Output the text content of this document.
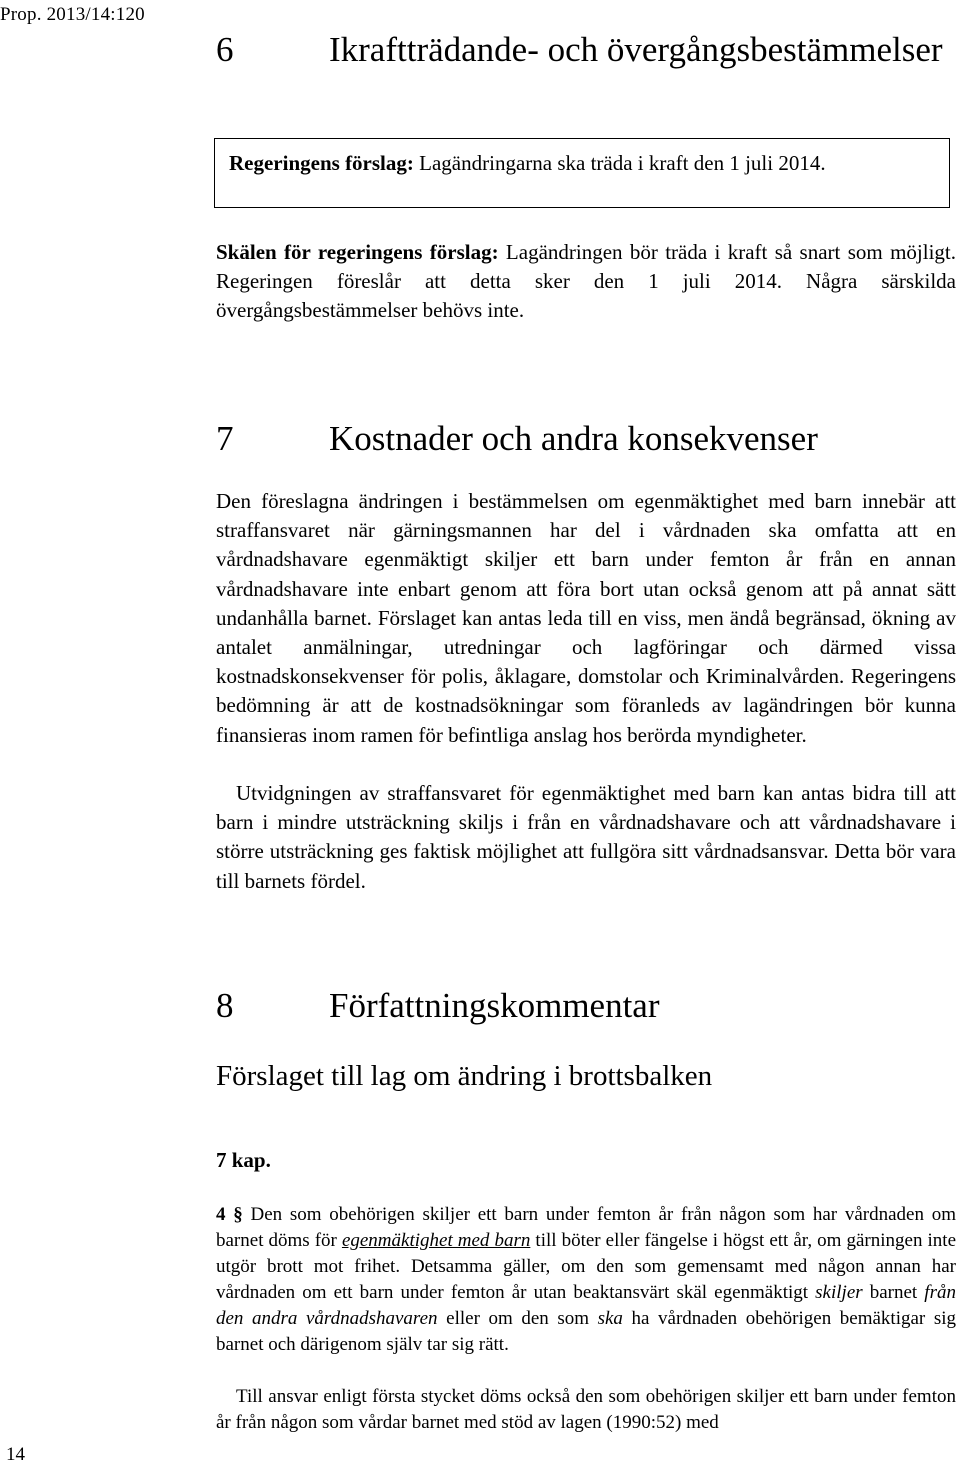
Prop. 2013/14:120
14
6	Ikraftträdande- och övergångsbestämmelser
Regeringens förslag: Lagändringarna ska träda i kraft den 1 juli 2014.

Skälen för regeringens förslag: Lagändringen bör träda i kraft så snart som möjligt. Regeringen föreslår att detta sker den 1 juli 2014. Några särskilda övergångsbestämmelser behövs inte.

7	Kostnader och andra konsekvenser

Den föreslagna ändringen i bestämmelsen om egenmäktighet med barn innebär att straffansvaret när gärningsmannen har del i vårdnaden ska omfatta att en vårdnadshavare egenmäktigt skiljer ett barn under femton år från en annan vårdnadshavare inte enbart genom att föra bort utan också genom att på annat sätt undanhålla barnet. Förslaget kan antas leda till en viss, men ändå begränsad, ökning av antalet anmälningar, utredningar och lagföringar och därmed vissa kostnadskonsekvenser för polis, åklagare, domstolar och Kriminalvården. Regeringens bedömning är att de kostnadsökningar som föranleds av lagändringen bör kunna finansieras inom ramen för befintliga anslag hos berörda myndigheter.

Utvidgningen av straffansvaret för egenmäktighet med barn kan antas bidra till att barn i mindre utsträckning skiljs i från en vårdnadshavare och att vårdnadshavare i större utsträckning ges faktisk möjlighet att fullgöra sitt vårdnadsansvar. Detta bör vara till barnets fördel.

8	Författningskommentar
Förslaget till lag om ändring i brottsbalken
7 kap.

4 § Den som obehörigen skiljer ett barn under femton år från någon som har vårdnaden om barnet döms för egenmäktighet med barn till böter eller fängelse i högst ett år, om gärningen inte utgör brott mot frihet. Detsamma gäller, om den som gemensamt med någon annan har vårdnaden om ett barn under femton år utan beaktansvärt skäl egenmäktigt skiljer barnet från den andra vårdnadshavaren eller om den som ska ha vårdnaden obehörigen bemäktigar sig barnet och därigenom själv tar sig rätt.

Till ansvar enligt första stycket döms också den som obehörigen skiljer ett barn under femton år från någon som vårdar barnet med stöd av lagen (1990:52) med
